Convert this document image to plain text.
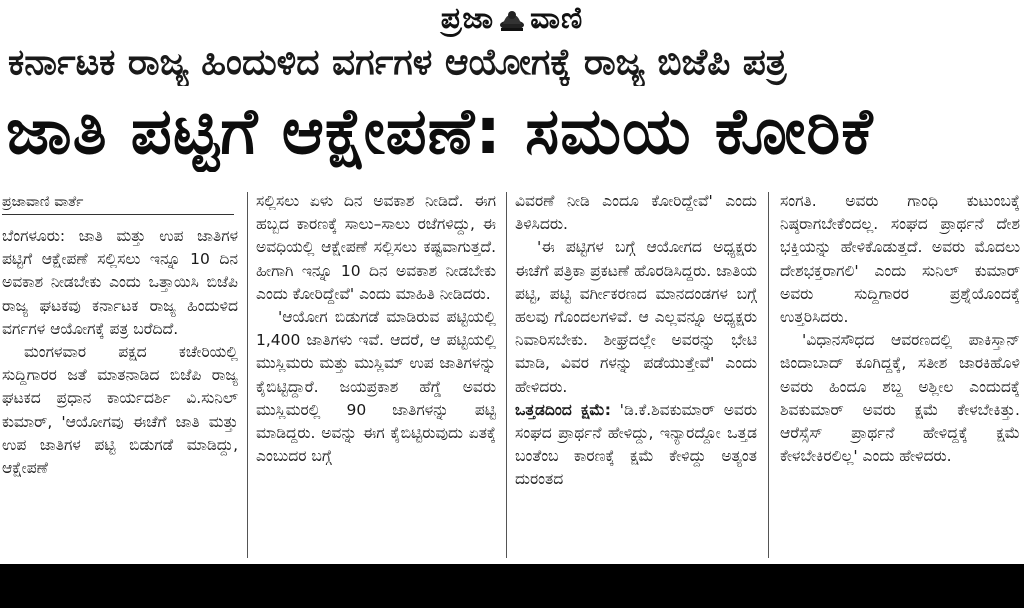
ಪ್ರಜಾ ವಾಣಿ
ಕರ್ನಾಟಕ ರಾಜ್ಯ ಹಿಂದುಳಿದ ವರ್ಗಗಳ ಆಯೋಗಕ್ಕೆ ರಾಜ್ಯ ಬಿಜೆಪಿ ಪತ್ರ
ಜಾತಿ ಪಟ್ಟಿಗೆ ಆಕ್ಷೇಪಣೆ: ಸಮಯ ಕೋರಿಕೆ
ಪ್ರಜಾವಾಣಿ ವಾರ್ತೆ

ಬೆಂಗಳೂರು: ಜಾತಿ ಮತ್ತು ಉಪ ಜಾತಿಗಳ ಪಟ್ಟಿಗೆ ಆಕ್ಷೇಪಣೆ ಸಲ್ಲಿಸಲು ಇನ್ನೂ 10 ದಿನ ಅವಕಾಶ ನೀಡಬೇಕು ಎಂದು ಒತ್ತಾಯಿಸಿ ಬಿಜೆಪಿ ರಾಜ್ಯ ಘಟಕವು ಕರ್ನಾಟಕ ರಾಜ್ಯ ಹಿಂದುಳಿದ ವರ್ಗಗಳ ಆಯೋಗಕ್ಕೆ ಪತ್ರ ಬರೆದಿದೆ.

ಮಂಗಳವಾರ ಪಕ್ಷದ ಕಚೇರಿಯಲ್ಲಿ ಸುದ್ದಿಗಾರರ ಜತೆ ಮಾತನಾಡಿದ ಬಿಜೆಪಿ ರಾಜ್ಯ ಘಟಕದ ಪ್ರಧಾನ ಕಾರ್ಯದರ್ಶಿ ವಿ.ಸುನಿಲ್ ಕುಮಾರ್, 'ಆಯೋಗವು ಈಚೆಗೆ ಜಾತಿ ಮತ್ತು ಉಪ ಜಾತಿಗಳ ಪಟ್ಟಿ ಬಿಡುಗಡೆ ಮಾಡಿದ್ದು, ಆಕ್ಷೇಪಣೆ

ಸಲ್ಲಿಸಲು ಏಳು ದಿನ ಅವಕಾಶ ನೀಡಿದೆ. ಈಗ ಹಬ್ಬದ ಕಾರಣಕ್ಕೆ ಸಾಲು–ಸಾಲು ರಜೆಗಳಿದ್ದು, ಈ ಅವಧಿಯಲ್ಲಿ ಆಕ್ಷೇಪಣೆ ಸಲ್ಲಿಸಲು ಕಷ್ಟವಾಗುತ್ತದೆ. ಹೀಗಾಗಿ ಇನ್ನೂ 10 ದಿನ ಅವಕಾಶ ನೀಡಬೇಕು ಎಂದು ಕೋರಿದ್ದೇವೆ' ಎಂದು ಮಾಹಿತಿ ನೀಡಿದರು.

'ಆಯೋಗ ಬಿಡುಗಡೆ ಮಾಡಿರುವ ಪಟ್ಟಿಯಲ್ಲಿ 1,400 ಜಾತಿಗಳು ಇವೆ. ಆದರೆ, ಆ ಪಟ್ಟಿಯಲ್ಲಿ ಮುಸ್ಲಿಮರು ಮತ್ತು ಮುಸ್ಲಿಮ್ ಉಪ ಜಾತಿಗಳನ್ನು ಕೈಬಿಟ್ಟಿದ್ದಾರೆ. ಜಯಪ್ರಕಾಶ ಹೆಗ್ಡೆ ಅವರು ಮುಸ್ಲಿಮರಲ್ಲಿ 90 ಜಾತಿಗಳನ್ನು ಪಟ್ಟಿ ಮಾಡಿದ್ದರು. ಅವನ್ನು ಈಗ ಕೈಬಿಟ್ಟಿರುವುದು ಏತಕ್ಕೆ ಎಂಬುದರ ಬಗ್ಗೆ

ವಿವರಣೆ ನೀಡಿ ಎಂದೂ ಕೋರಿದ್ದೇವೆ' ಎಂದು ತಿಳಿಸಿದರು.

'ಈ ಪಟ್ಟಿಗಳ ಬಗ್ಗೆ ಆಯೋಗದ ಅಧ್ಯಕ್ಷರು ಈಚೆಗೆ ಪತ್ರಿಕಾ ಪ್ರಕಟಣೆ ಹೊರಡಿಸಿದ್ದರು. ಜಾತಿಯ ಪಟ್ಟಿ, ಪಟ್ಟಿ ವರ್ಗೀಕರಣದ ಮಾನದಂಡಗಳ ಬಗ್ಗೆ ಹಲವು ಗೊಂದಲಗಳಿವೆ. ಆ ಎಲ್ಲವನ್ನೂ ಅಧ್ಯಕ್ಷರು ನಿವಾರಿಸಬೇಕು. ಶೀಘ್ರದಲ್ಲೇ ಅವರನ್ನು ಭೇಟಿ ಮಾಡಿ, ವಿವರ ಗಳನ್ನು ಪಡೆಯುತ್ತೇವೆ' ಎಂದು ಹೇಳಿದರು.

ಒತ್ತಡದಿಂದ ಕ್ಷಮೆ: 'ಡಿ.ಕೆ.ಶಿವಕುಮಾರ್ ಅವರು ಸಂಘದ ಪ್ರಾರ್ಥನೆ ಹೇಳಿದ್ದು, ಇನ್ಯಾರದ್ದೋ ಒತ್ತಡ ಬಂತೆಂಬ ಕಾರಣಕ್ಕೆ ಕ್ಷಮೆ ಕೇಳಿದ್ದು ಅತ್ಯಂತ ದುರಂತದ

ಸಂಗತಿ. ಅವರು ಗಾಂಧಿ ಕುಟುಂಬಕ್ಕೆ ನಿಷ್ಠರಾಗಬೇಕೆಂದಲ್ಲ. ಸಂಘದ ಪ್ರಾರ್ಥನೆ ದೇಶ ಭಕ್ತಿಯನ್ನು ಹೇಳಿಕೊಡುತ್ತದೆ. ಅವರು ಮೊದಲು ದೇಶಭಕ್ತರಾಗಲಿ' ಎಂದು ಸುನಿಲ್ ಕುಮಾರ್ ಅವರು ಸುದ್ದಿಗಾರರ ಪ್ರಶ್ನೆಯೊಂದಕ್ಕೆ ಉತ್ತರಿಸಿದರು.

'ವಿಧಾನಸೌಧದ ಆವರಣದಲ್ಲಿ ಪಾಕಿಸ್ತಾನ್ ಜಿಂದಾಬಾದ್ ಕೂಗಿದ್ದಕ್ಕೆ, ಸತೀಶ ಜಾರಕಿಹೊಳಿ ಅವರು ಹಿಂದೂ ಶಬ್ದ ಅಶ್ಲೀಲ ಎಂದುದಕ್ಕೆ ಶಿವಕುಮಾರ್ ಅವರು ಕ್ಷಮೆ ಕೇಳಬೇಕಿತ್ತು. ಆರೆಸ್ಸೆಸ್ ಪ್ರಾರ್ಥನೆ ಹೇಳಿದ್ದಕ್ಕೆ ಕ್ಷಮೆ ಕೇಳಬೇಕಿರಲಿಲ್ಲ' ಎಂದು ಹೇಳಿದರು.
